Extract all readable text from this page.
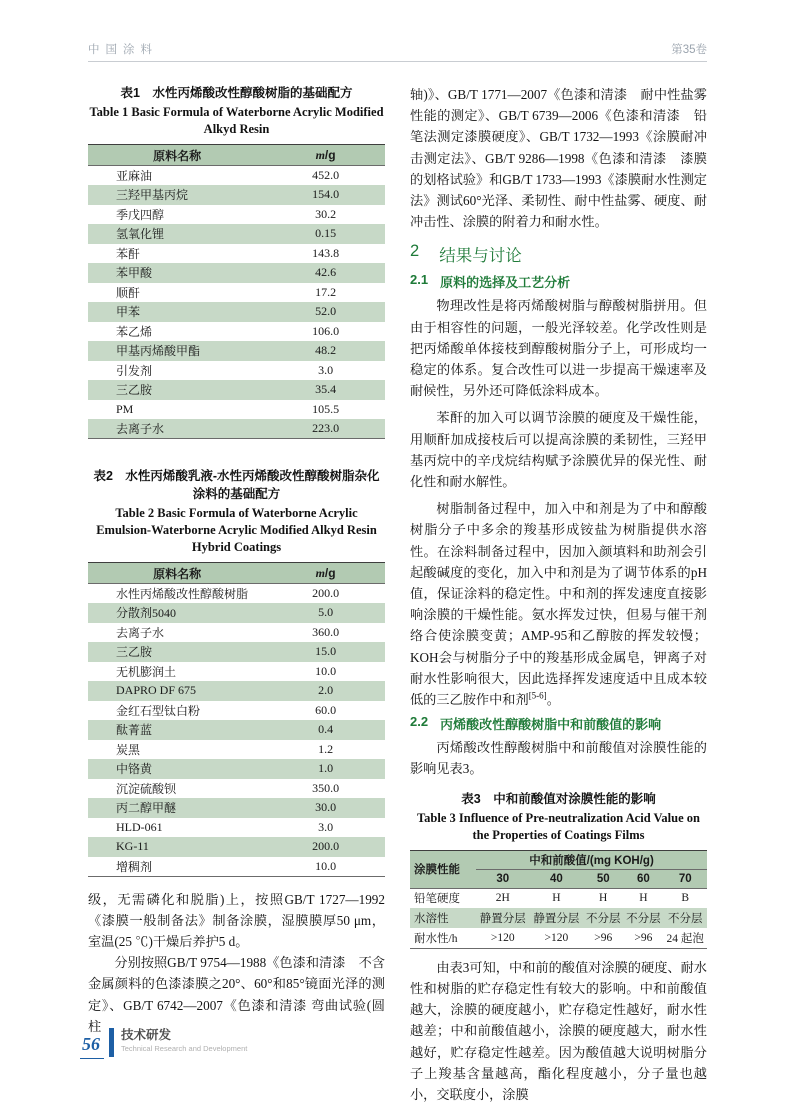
中国涂料	第35卷
表1　水性丙烯酸改性醇酸树脂的基础配方
Table 1 Basic Formula of Waterborne Acrylic Modified Alkyd Resin
原料名称	m/g
亚麻油	452.0
三羟甲基丙烷	154.0
季戊四醇	30.2
氢氧化锂	0.15
苯酐	143.8
苯甲酸	42.6
顺酐	17.2
甲苯	52.0
苯乙烯	106.0
甲基丙烯酸甲酯	48.2
引发剂	3.0
三乙胺	35.4
PM	105.5
去离子水	223.0
表2　水性丙烯酸乳液-水性丙烯酸改性醇酸树脂杂化涂料的基础配方
Table 2 Basic Formula of Waterborne Acrylic Emulsion-Waterborne Acrylic Modified Alkyd Resin Hybrid Coatings
原料名称	m/g
水性丙烯酸改性醇酸树脂	200.0
分散剂5040	5.0
去离子水	360.0
三乙胺	15.0
无机膨润土	10.0
DAPRO DF 675	2.0
金红石型钛白粉	60.0
酞菁蓝	0.4
炭黑	1.2
中铬黄	1.0
沉淀硫酸钡	350.0
丙二醇甲醚	30.0
HLD-061	3.0
KG-11	200.0
增稠剂	10.0

级，无需磷化和脱脂)上，按照GB/T 1727—1992《漆膜一般制备法》制备涂膜，湿膜膜厚50 μm，室温(25 ℃)干燥后养护5 d。

分别按照GB/T 9754—1988《色漆和清漆　不含金属颜料的色漆漆膜之20°、60°和85°镜面光泽的测定》、GB/T 6742—2007《色漆和清漆 弯曲试验(圆柱

轴)》、GB/T 1771—2007《色漆和清漆　耐中性盐雾性能的测定》、GB/T 6739—2006《色漆和清漆　铅笔法测定漆膜硬度》、GB/T 1732—1993《涂膜耐冲击测定法》、GB/T 9286—1998《色漆和清漆　漆膜的划格试验》和GB/T 1733—1993《漆膜耐水性测定法》测试60°光泽、柔韧性、耐中性盐雾、硬度、耐冲击性、涂膜的附着力和耐水性。

2 结果与讨论
2.1 原料的选择及工艺分析

物理改性是将丙烯酸树脂与醇酸树脂拼用。但由于相容性的问题，一般光泽较差。化学改性则是把丙烯酸单体接枝到醇酸树脂分子上，可形成均一稳定的体系。复合改性可以进一步提高干燥速率及耐候性，另外还可降低涂料成本。

苯酐的加入可以调节涂膜的硬度及干燥性能，用顺酐加成接枝后可以提高涂膜的柔韧性，三羟甲基丙烷中的辛戊烷结构赋予涂膜优异的保光性、耐化性和耐水解性。

树脂制备过程中，加入中和剂是为了中和醇酸树脂分子中多余的羧基形成铵盐为树脂提供水溶性。在涂料制备过程中，因加入颜填料和助剂会引起酸碱度的变化，加入中和剂是为了调节体系的pH值，保证涂料的稳定性。中和剂的挥发速度直接影响涂膜的干燥性能。氨水挥发过快，但易与催干剂络合使涂膜变黄；AMP-95和乙醇胺的挥发较慢；KOH会与树脂分子中的羧基形成金属皂，钾离子对耐水性影响很大，因此选择挥发速度适中且成本较低的三乙胺作中和剂[5-6]。

2.2 丙烯酸改性醇酸树脂中和前酸值的影响

丙烯酸改性醇酸树脂中和前酸值对涂膜性能的影响见表3。

表3　中和前酸值对涂膜性能的影响
Table 3 Influence of Pre-neutralization Acid Value on the Properties of Coatings Films
涂膜性能	中和前酸值/(mg KOH/g)				
	30	40	50	60	70
铅笔硬度	2H	H	H	H	B
水溶性	静置分层	静置分层	不分层	不分层	不分层
耐水性/h	>120	>120	>96	>96	24 起泡

由表3可知，中和前的酸值对涂膜的硬度、耐水性和树脂的贮存稳定性有较大的影响。中和前酸值越大，涂膜的硬度越小，贮存稳定性越好，耐水性越差；中和前酸值越小，涂膜的硬度越大，耐水性越好，贮存稳定性越差。因为酸值越大说明树脂分子上羧基含量越高，酯化程度越小，分子量也越小，交联度小，涂膜

56	技术研发
Technical Research and Development
